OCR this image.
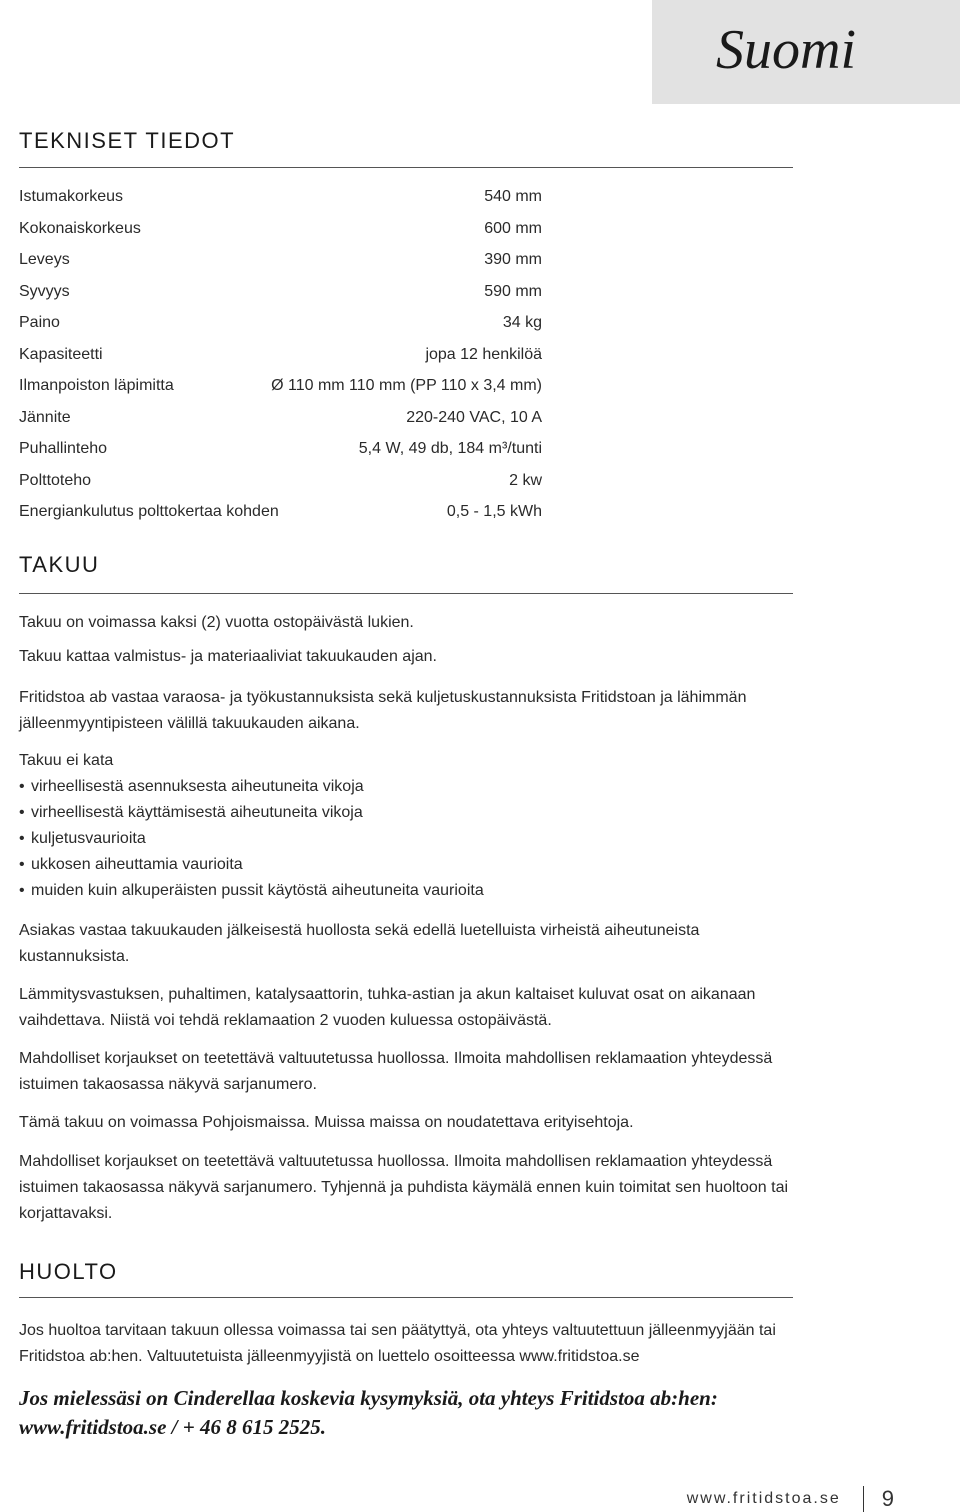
Suomi
TEKNISET TIEDOT
Istumakorkeus	540 mm
Kokonaiskorkeus	600 mm
Leveys	390 mm
Syvyys	590 mm
Paino	34 kg
Kapasiteetti	jopa 12 henkilöä
Ilmanpoiston läpimitta	Ø 110 mm 110 mm (PP 110 x 3,4 mm)
Jännite	220-240 VAC, 10 A
Puhallinteho	5,4 W, 49 db, 184 m³/tunti
Polttoteho	2 kw
Energiankulutus polttokertaa kohden	0,5 - 1,5 kWh
TAKUU

Takuu on voimassa kaksi (2) vuotta ostopäivästä lukien.

Takuu kattaa valmistus- ja materiaaliviat takuukauden ajan.

Fritidstoa ab vastaa varaosa- ja työkustannuksista sekä kuljetuskustannuksista Fritidstoan ja lähimmän jälleenmyyntipisteen välillä takuukauden aikana.

Takuu ei kata
• virheellisestä asennuksesta aiheutuneita vikoja
• virheellisestä käyttämisestä aiheutuneita vikoja
• kuljetusvaurioita
• ukkosen aiheuttamia vaurioita
• muiden kuin alkuperäisten pussit käytöstä aiheutuneita vaurioita

Asiakas vastaa takuukauden jälkeisestä huollosta sekä edellä luetelluista virheistä aiheutuneista kustannuksista.

Lämmitysvastuksen, puhaltimen, katalysaattorin, tuhka-astian ja akun kaltaiset kuluvat osat on aikanaan vaihdettava. Niistä voi tehdä reklamaation 2 vuoden kuluessa ostopäivästä.

Mahdolliset korjaukset on teetettävä valtuutetussa huollossa. Ilmoita mahdollisen reklamaation yhteydessä istuimen takaosassa näkyvä sarjanumero.

Tämä takuu on voimassa Pohjoismaissa. Muissa maissa on noudatettava erityisehtoja.

Mahdolliset korjaukset on teetettävä valtuutetussa huollossa. Ilmoita mahdollisen reklamaation yhteydessä istuimen takaosassa näkyvä sarjanumero. Tyhjennä ja puhdista käymälä ennen kuin toimitat sen huoltoon tai korjattavaksi.

HUOLTO

Jos huoltoa tarvitaan takuun ollessa voimassa tai sen päätyttyä, ota yhteys valtuutettuun jälleenmyyjään tai Fritidstoa ab:hen. Valtuutetuista jälleenmyyjistä on luettelo osoitteessa www.fritidstoa.se

Jos mielessäsi on Cinderellaa koskevia kysymyksiä, ota yhteys Fritidstoa ab:hen: www.fritidstoa.se / + 46 8 615 2525.
www.fritidstoa.se 9
